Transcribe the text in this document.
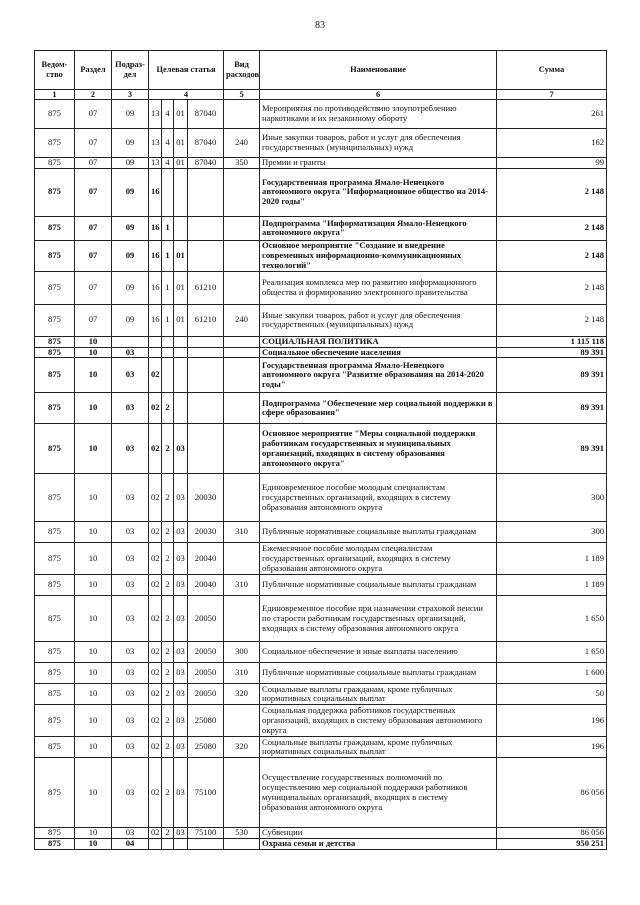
83
Ведом-ство	Раздел	Подраз-дел	Целевая статья				Вид расходов	Наименование	Сумма
1	2	3	4				5	6	7
875	07	09	13	4	01	87040		Мероприятия по противодействию злоупотреблению наркотиками и их незаконному обороту	261
875	07	09	13	4	01	87040	240	Иные закупки товаров, работ и услуг для обеспечения государственных (муниципальных) нужд	162
875	07	09	13	4	01	87040	350	Премии и гранты	99
875	07	09	16					Государственная программа Ямало-Ненецкого автономного округа "Информационное общество на 2014-2020 годы"	2 148
875	07	09	16	1				Подпрограмма "Информатизация Ямало-Ненецкого автономного округа"	2 148
875	07	09	16	1	01			Основное мероприятие "Создание и внедрение современных информационно-коммуникационных технологий"	2 148
875	07	09	16	1	01	61210		Реализация комплекса мер по развитию информационного общества и формированию электронного правительства	2 148
875	07	09	16	1	01	61210	240	Иные закупки товаров, работ и услуг для обеспечения государственных (муниципальных) нужд	2 148
875	10							СОЦИАЛЬНАЯ ПОЛИТИКА	1 115 118
875	10	03						Социальное обеспечение населения	89 391
875	10	03	02					Государственная программа Ямало-Ненецкого автономного округа "Развитие образования на 2014-2020 годы"	89 391
875	10	03	02	2				Подпрограмма "Обеспечение мер социальной поддержки в сфере образования"	89 391
875	10	03	02	2	03			Основное мероприятие "Меры социальной поддержки работникам государственных и муниципальных организаций, входящих в систему образования автономного округа"	89 391
875	10	03	02	2	03	20030		Единовременное пособие молодым специалистам государственных организаций, входящих в систему образования автономного округа	300
875	10	03	02	2	03	20030	310	Публичные нормативные социальные выплаты гражданам	300
875	10	03	02	2	03	20040		Ежемесячное пособие молодым специалистам государственных организаций, входящих в систему образования автономного округа	1 189
875	10	03	02	2	03	20040	310	Публичные нормативные социальные выплаты гражданам	1 189
875	10	03	02	2	03	20050		Единовременное пособие при назначении страховой пенсии по старости работникам государственных организаций, входящих в систему образования автономного округа	1 650
875	10	03	02	2	03	20050	300	Социальное обеспечение и иные выплаты населению	1 650
875	10	03	02	2	03	20050	310	Публичные нормативные социальные выплаты гражданам	1 600
875	10	03	02	2	03	20050	320	Социальные выплаты гражданам, кроме публичных нормативных социальных выплат	50
875	10	03	02	2	03	25080		Социальная поддержка работников государственных организаций, входящих в систему образования автономного округа	196
875	10	03	02	2	03	25080	320	Социальные выплаты гражданам, кроме публичных нормативных социальных выплат	196
875	10	03	02	2	03	75100		Осуществление государственных полномочий по осуществлению мер социальной поддержки работников муниципальных организаций, входящих в систему образования автономного округа	86 056
875	10	03	02	2	03	75100	530	Субвенции	86 056
875	10	04						Охрана семьи и детства	950 251
